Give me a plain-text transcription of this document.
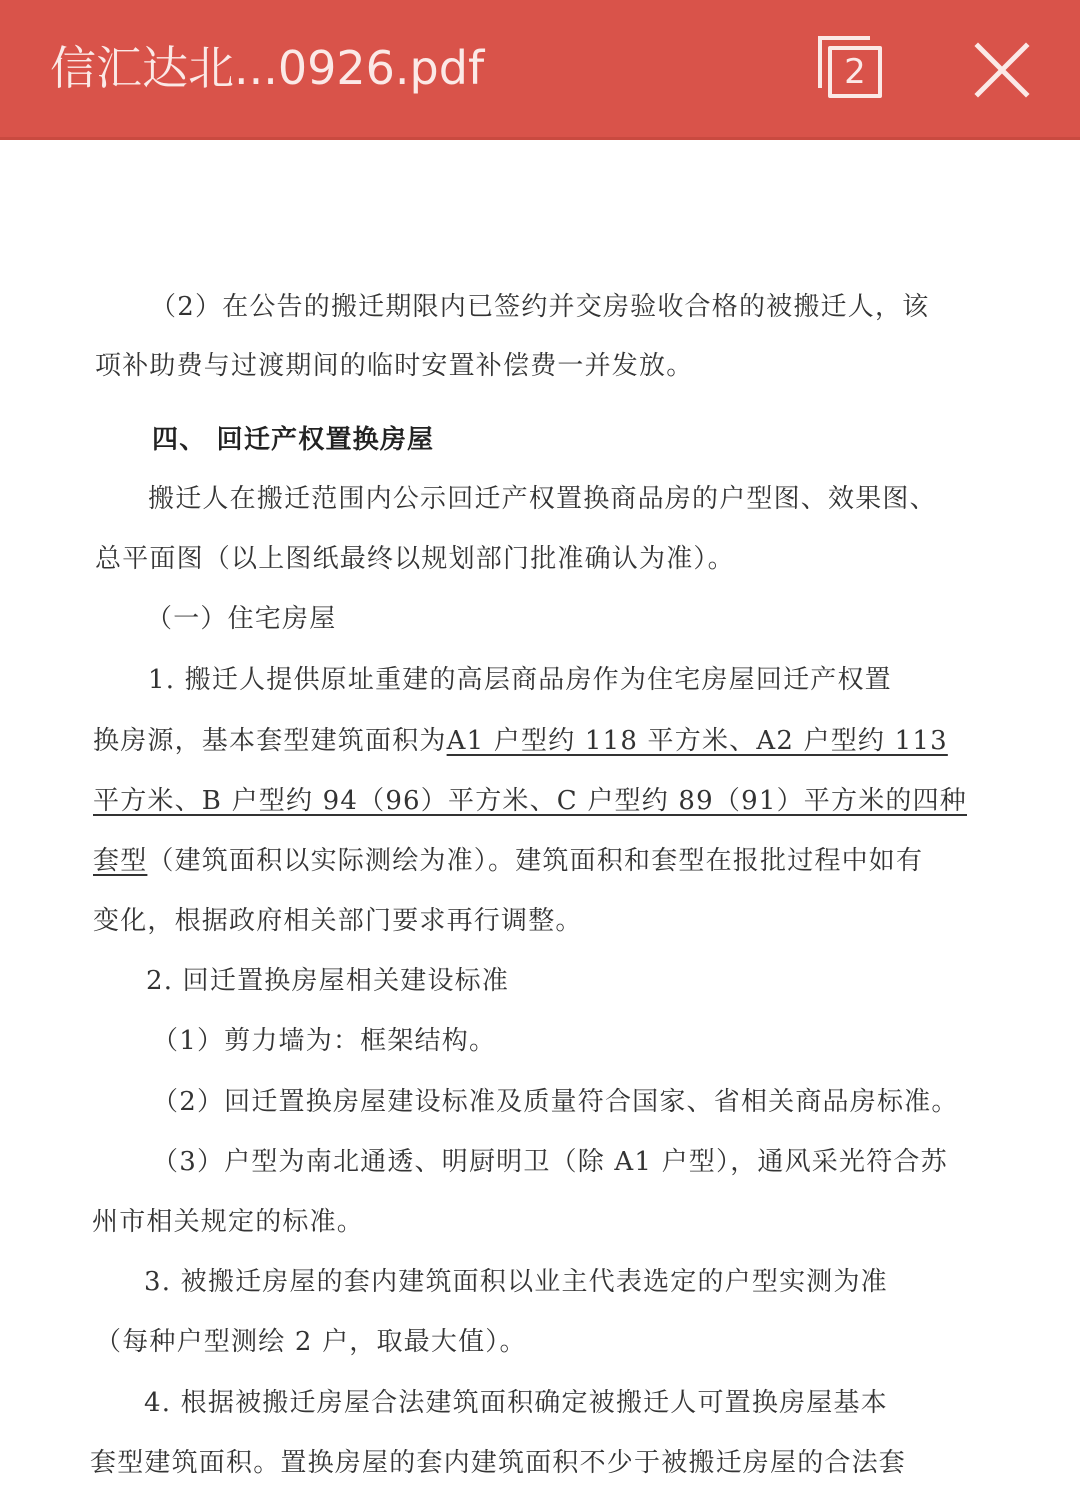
信汇达北...0926.pdf	2
（2）在公告的搬迁期限内已签约并交房验收合格的被搬迁人，该
项补助费与过渡期间的临时安置补偿费一并发放。
四、 回迁产权置换房屋
搬迁人在搬迁范围内公示回迁产权置换商品房的户型图、效果图、
总平面图（以上图纸最终以规划部门批准确认为准）。
（一）住宅房屋
1. 搬迁人提供原址重建的高层商品房作为住宅房屋回迁产权置
换房源，基本套型建筑面积为A1 户型约 118 平方米、A2 户型约 113
平方米、B 户型约 94（96）平方米、C 户型约 89（91）平方米的四种
套型（建筑面积以实际测绘为准）。建筑面积和套型在报批过程中如有
变化，根据政府相关部门要求再行调整。
2. 回迁置换房屋相关建设标准
（1）剪力墙为：框架结构。
（2）回迁置换房屋建设标准及质量符合国家、省相关商品房标准。
（3）户型为南北通透、明厨明卫（除 A1 户型），通风采光符合苏
州市相关规定的标准。
3. 被搬迁房屋的套内建筑面积以业主代表选定的户型实测为准
（每种户型测绘 2 户，取最大值）。
4. 根据被搬迁房屋合法建筑面积确定被搬迁人可置换房屋基本
套型建筑面积。置换房屋的套内建筑面积不少于被搬迁房屋的合法套
